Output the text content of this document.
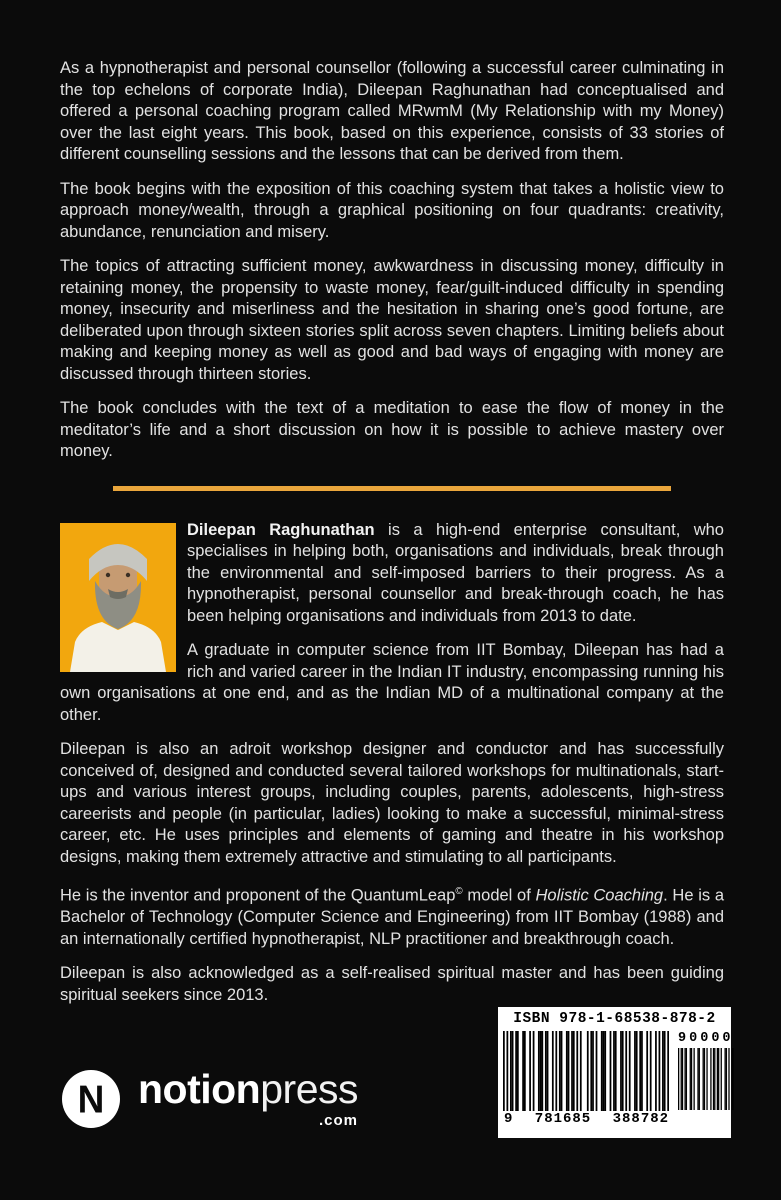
As a hypnotherapist and personal counsellor (following a successful career culminating in the top echelons of corporate India), Dileepan Raghunathan had conceptualised and offered a personal coaching program called MRwmM (My Relationship with my Money) over the last eight years. This book, based on this experience, consists of 33 stories of different counselling sessions and the lessons that can be derived from them.

The book begins with the exposition of this coaching system that takes a holistic view to approach money/wealth, through a graphical positioning on four quadrants: creativity, abundance, renunciation and misery.

The topics of attracting sufficient money, awkwardness in discussing money, difficulty in retaining money, the propensity to waste money, fear/guilt-induced difficulty in spending money, insecurity and miserliness and the hesitation in sharing one’s good fortune, are deliberated upon through sixteen stories split across seven chapters. Limiting beliefs about making and keeping money as well as good and bad ways of engaging with money are discussed through thirteen stories.

The book concludes with the text of a meditation to ease the flow of money in the meditator’s life and a short discussion on how it is possible to achieve mastery over money.

Dileepan Raghunathan is a high-end enterprise consultant, who specialises in helping both, organisations and individuals, break through the environmental and self-imposed barriers to their progress. As a hypnotherapist, personal counsellor and break-through coach, he has been helping organisations and individuals from 2013 to date.

A graduate in computer science from IIT Bombay, Dileepan has had a rich and varied career in the Indian IT industry, encompassing running his own organisations at one end, and as the Indian MD of a multinational company at the other.

Dileepan is also an adroit workshop designer and conductor and has successfully conceived of, designed and conducted several tailored workshops for multinationals, start-ups and various interest groups, including couples, parents, adolescents, high-stress careerists and people (in particular, ladies) looking to make a successful, minimal-stress career, etc. He uses principles and elements of gaming and theatre in his workshop designs, making them extremely attractive and stimulating to all participants.

He is the inventor and proponent of the QuantumLeap© model of Holistic Coaching. He is a Bachelor of Technology (Computer Science and Engineering) from IIT Bombay (1988) and an internationally certified hypnotherapist, NLP practitioner and breakthrough coach.

Dileepan is also acknowledged as a self-realised spiritual master and has been guiding spiritual seekers since 2013.

ISBN 978-1-68538-878-2
9 781685 388782
90000
N notionpress
.com
